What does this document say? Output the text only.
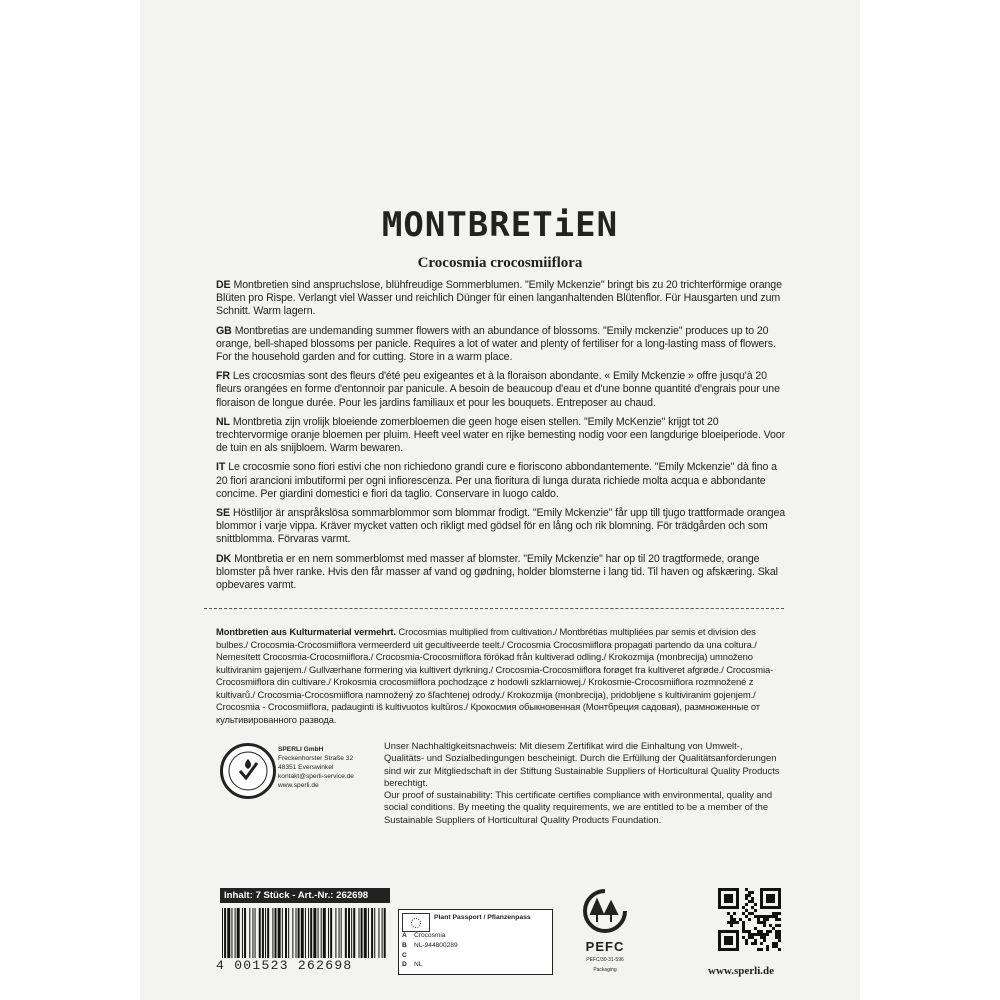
MONTBRETiEN
Crocosmia crocosmiiflora

DE Montbretien sind anspruchslose, blühfreudige Sommerblumen. "Emily Mckenzie" bringt bis zu 20 trichterförmige orange Blüten pro Rispe. Verlangt viel Wasser und reichlich Dünger für einen langanhaltenden Blütenflor. Für Hausgarten und zum Schnitt. Warm lagern.

GB Montbretias are undemanding summer flowers with an abundance of blossoms. "Emily mckenzie" produces up to 20 orange, bell-shaped blossoms per panicle. Requires a lot of water and plenty of fertiliser for a long-lasting mass of flowers. For the household garden and for cutting. Store in a warm place.

FR Les crocosmias sont des fleurs d'été peu exigeantes et à la floraison abondante. « Emily Mckenzie » offre jusqu'à 20 fleurs orangées en forme d'entonnoir par panicule. A besoin de beaucoup d'eau et d'une bonne quantité d'engrais pour une floraison de longue durée. Pour les jardins familiaux et pour les bouquets. Entreposer au chaud.

NL Montbretia zijn vrolijk bloeiende zomerbloemen die geen hoge eisen stellen. "Emily McKenzie" krijgt tot 20 trechtervormige oranje bloemen per pluim. Heeft veel water en rijke bemesting nodig voor een langdurige bloeiperiode. Voor de tuin en als snijbloem. Warm bewaren.

IT Le crocosmie sono fiori estivi che non richiedono grandi cure e fioriscono abbondantemente. "Emily Mckenzie" dà fino a 20 fiori arancioni imbutiformi per ogni infiorescenza. Per una fioritura di lunga durata richiede molta acqua e abbondante concime. Per giardini domestici e fiori da taglio. Conservare in luogo caldo.

SE Höstliljor är anspråkslösa sommarblommor som blommar frodigt. "Emily Mckenzie" får upp till tjugo trattformade orangea blommor i varje vippa. Kräver mycket vatten och rikligt med gödsel för en lång och rik blomning. För trädgården och som snittblomma. Förvaras varmt.

DK Montbretia er en nem sommerblomst med masser af blomster. "Emily Mckenzie" har op til 20 tragtformede, orange blomster på hver ranke. Hvis den får masser af vand og gødning, holder blomsterne i lang tid. Til haven og afskæring. Skal opbevares varmt.

Montbretien aus Kulturmaterial vermehrt. Crocosmias multiplied from cultivation./ Montbrétias multipliées par semis et division des bulbes./ Crocosmia-Crocosmiiflora vermeerderd uit gecultiveerde teelt./ Crocosmia Crocosmiiflora propagati partendo da una coltura./ Nemesített Crocosmia-Crocosmiiflora./ Crocosmia-Crocosmiiflora förökad från kultiverad odling./ Krokozmija (monbrecija) umnoženo kultiviranim gajenjem./ Gullværhane formering via kultivert dyrkning./ Crocosmia-Crocosmiiflora forøget fra kultiveret afgrøde./ Crocosmia-Crocosmiiflora din cultivare./ Krokosmia crocosmiiflora pochodzące z hodowli szklarniowej./ Krokosmie-Crocosmiiflora rozmnožené z kultivarů./ Crocosmia-Crocosmiiflora namnožený zo šľachtenej odrody./ Krokozmija (monbrecija), pridobljene s kultiviranim gojenjem./ Crocosmia - Crocosmiiflora, padauginti iš kultivuotos kultūros./ Крокосмия обыкновенная (Монтбреция садовая), размноженные от культивированного развода.
SPERLI GmbH
Freckenhorster Straße 32
48351 Everswinkel
kontakt@sperli-service.de
www.sperli.de
Unser Nachhaltigkeitsnachweis: Mit diesem Zertifikat wird die Einhaltung von Umwelt-, Qualitäts- und Sozialbedingungen bescheinigt. Durch die Erfüllung der Qualitätsanforderungen sind wir zur Mitgliedschaft in der Stiftung Sustainable Suppliers of Horticultural Quality Products berechtigt.
Our proof of sustainability: This certificate certifies compliance with environmental, quality and social conditions. By meeting the quality requirements, we are entitled to be a member of the Sustainable Suppliers of Horticultural Quality Products Foundation.
Inhalt: 7 Stück - Art.-Nr.: 262698
4 001523 262698
Plant Passport / Pflanzenpass
A	Crocosmia
B	NL-944800289
C
D	NL
PEFC
PEFC/30-31-596
Packaging	www.sperli.de
